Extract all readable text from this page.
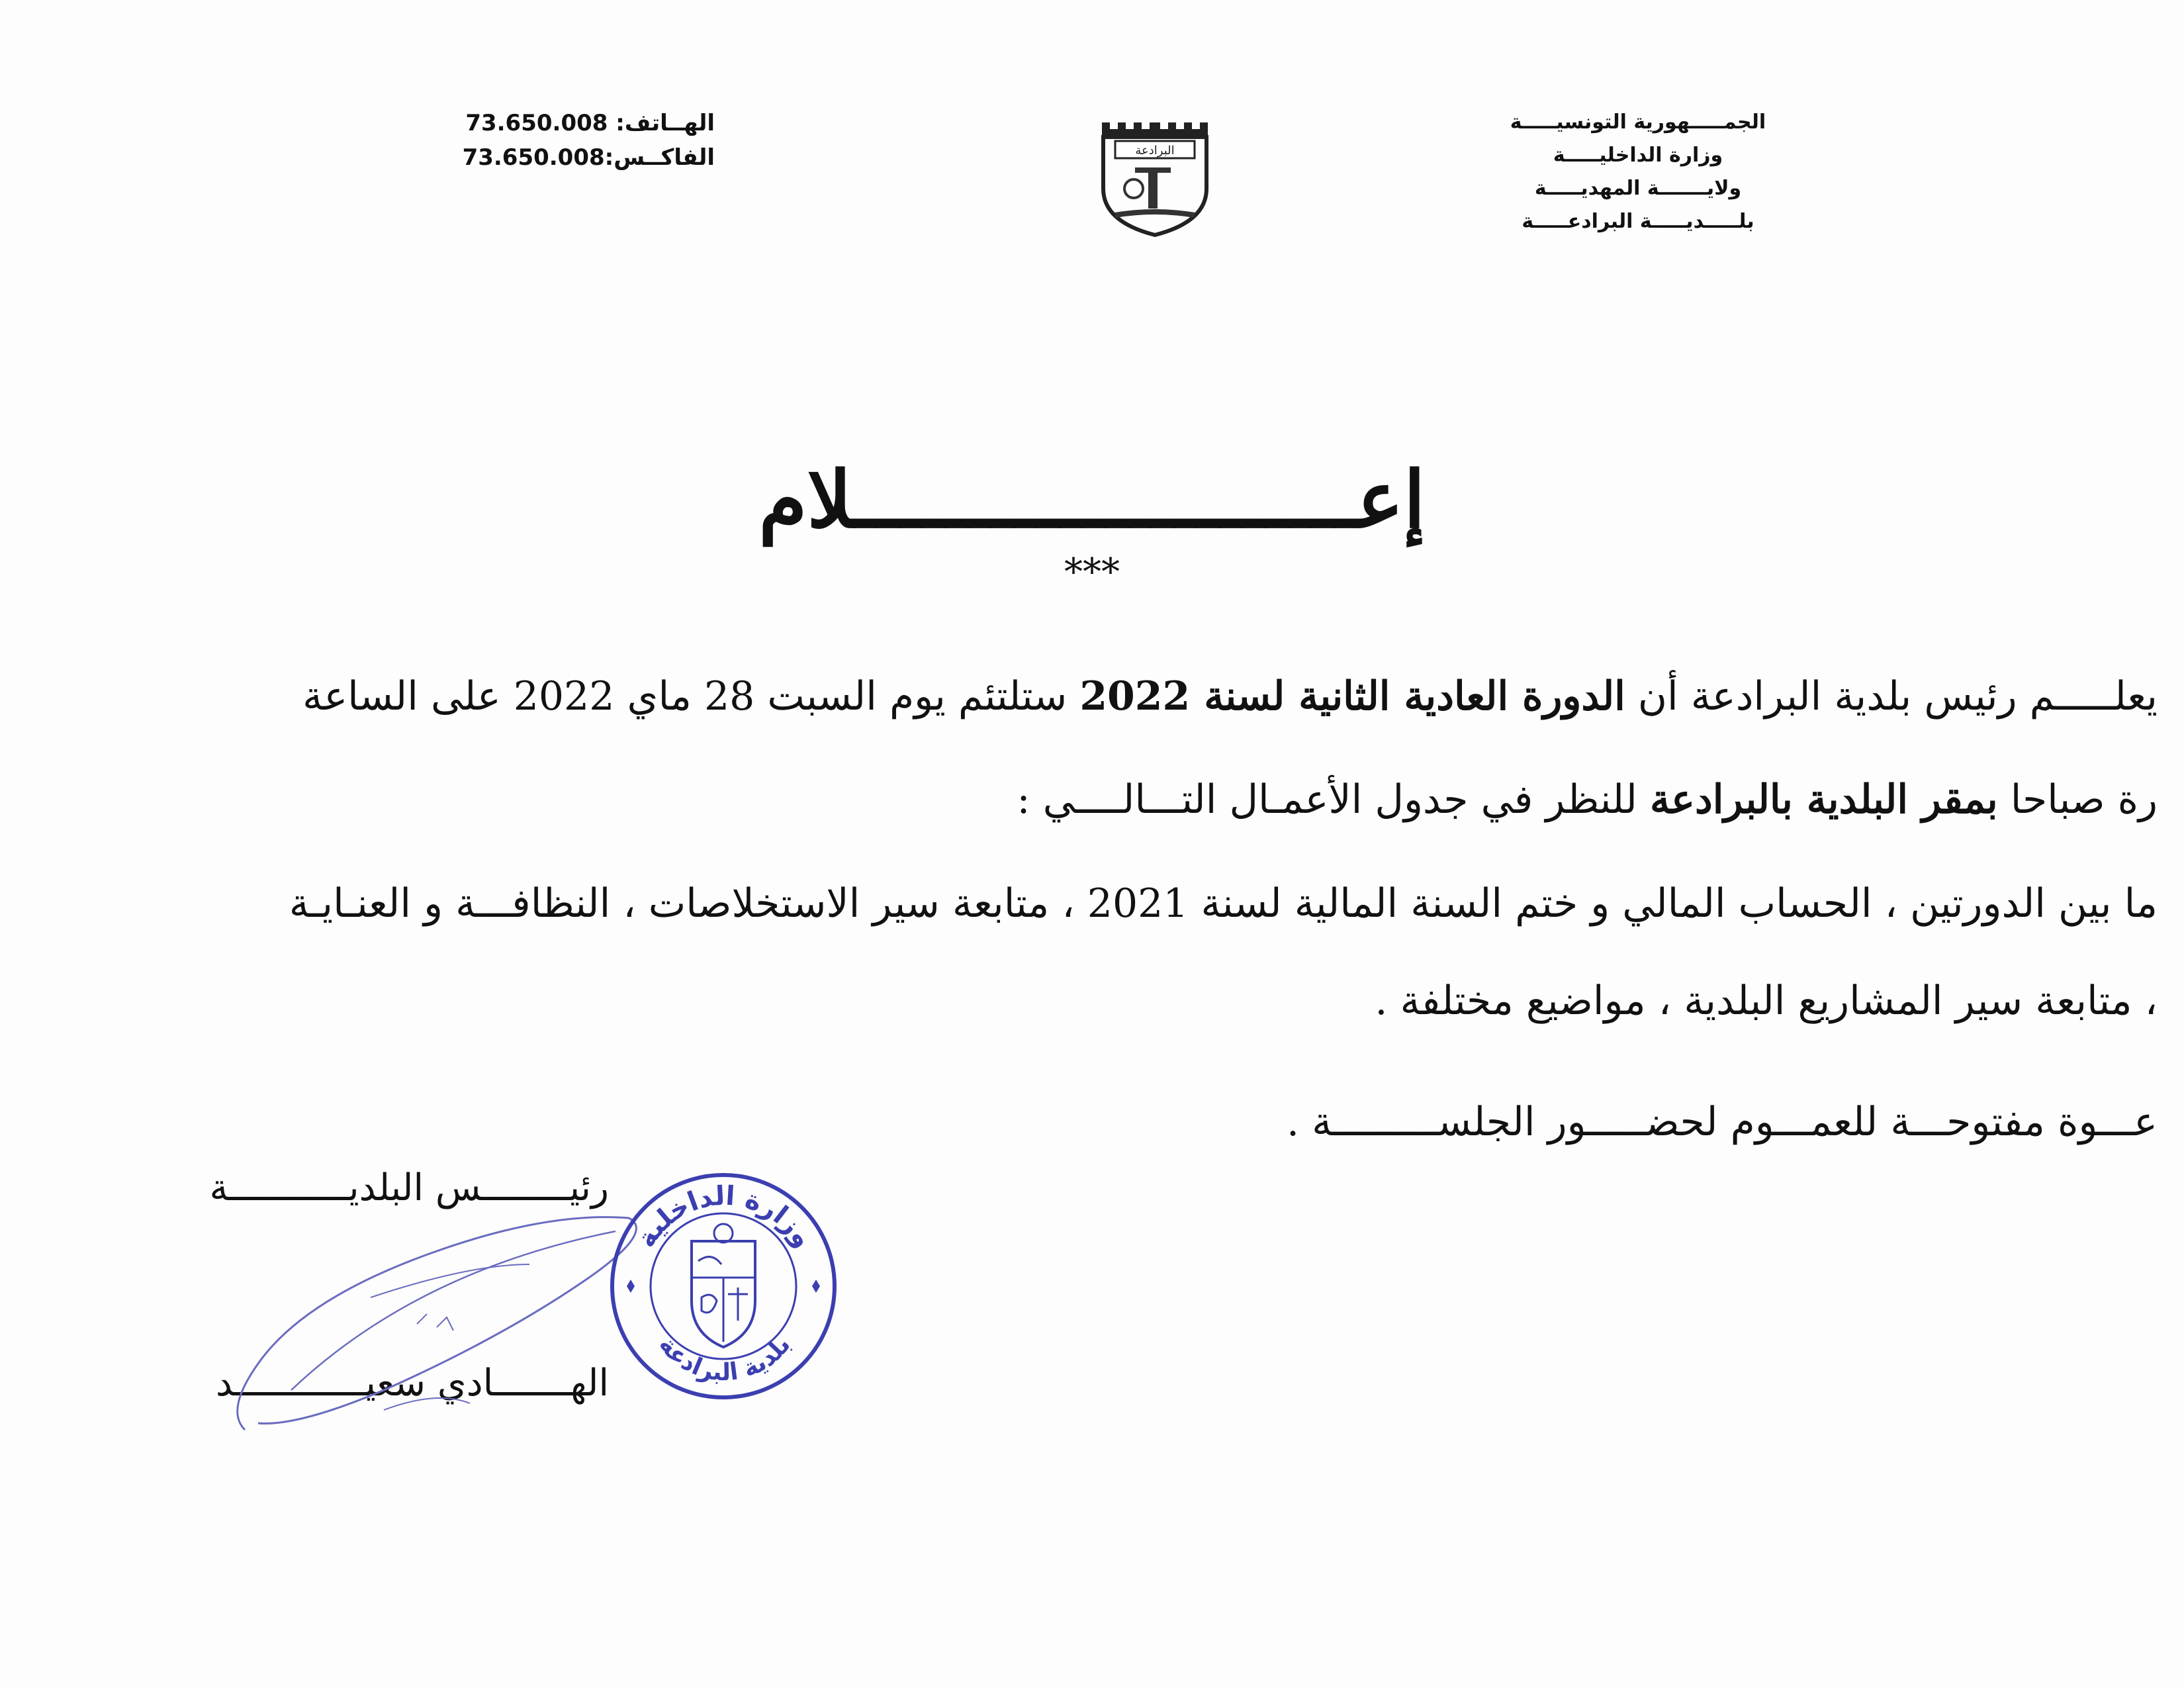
الجمـــــهورية التونسيـــــة
وزارة الداخليـــــة
ولايـــــــة المهديـــــة
بلـــــديـــــة البرادعـــــة
البرادعة
الهــاتف: 73.650.008
الفاكــس:73.650.008
إعــــــــــــــــــــــلام
***
يعلـــــم رئيس بلدية البرادعة أن الدورة العادية الثانية لسنة 2022 ستلتئم يوم السبت 28 ماي 2022 على الساعة
رة صباحا بمقر البلدية بالبرادعة للنظر في جدول الأعمـال التـــالــــي :
ما بين الدورتين ، الحساب المالي و ختم السنة المالية لسنة 2021 ، متابعة سير الاستخلاصات ، النظافـــة و العنـايـة
، متابعة سير المشاريع البلدية ، مواضيع مختلفة .
عـــوة مفتوحـــة للعمـــوم لحضـــــور الجلســـــــــة .
رئيــــــــس البلديـــــــــــة
الهـــــــادي سعيــــــــــــد
وزارة الداخلية
بلدية البرادعة
